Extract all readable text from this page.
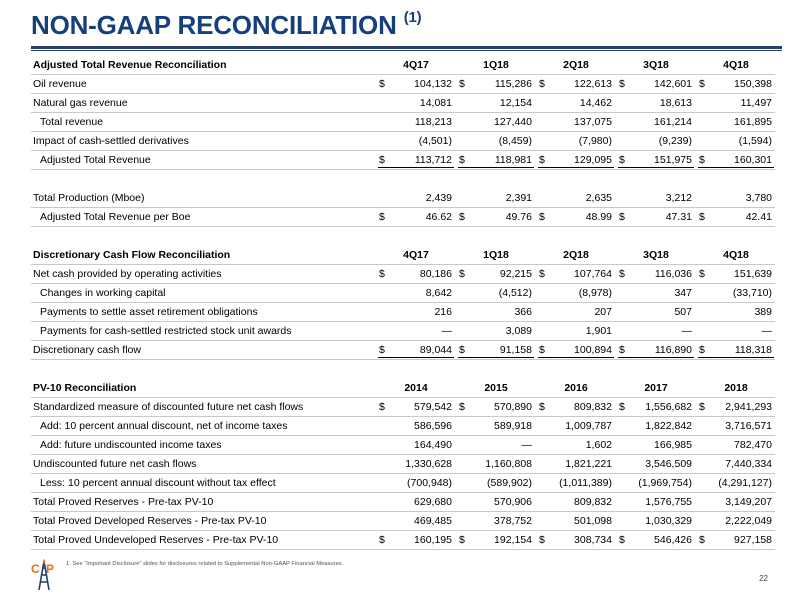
NON-GAAP RECONCILIATION $^{(1)}$
Adjusted Total Revenue Reconciliation	4Q17	1Q18	2Q18	3Q18	4Q18
Oil revenue	$	104,132 $	115,286 $	122,613 $	142,601 $	150,398
Natural gas revenue	14,081	12,154	14,462	18,613	11,497
Total revenue	118,213	127,440	137,075	161,214	161,895
Impact of cash-settled derivatives	(4,501)	(8,459)	(7,980)	(9,239)	(1,594)
Adjusted Total Revenue	$	113,712 $	118,981 $	129,095 $	151,975 $	160,301
Total Production (Mboe)	2,439	2,391	2,635	3,212	3,780
Adjusted Total Revenue per Boe	$	46.62 $	49.76 $	48.99 $	47.31 $	42.41
Discretionary Cash Flow Reconciliation	4Q17	1Q18	2Q18	3Q18	4Q18
Net cash provided by operating activities	$	80,186 $	92,215 $	107,764 $	116,036 $	151,639
Changes in working capital	8,642	(4,512)	(8,978)	347	(33,710)
Payments to settle asset retirement obligations	216	366	207	507	389
Payments for cash-settled restricted stock unit awards	—	3,089	1,901	—	—
Discretionary cash flow	$	89,044 $	91,158 $	100,894 $	116,890 $	118,318
PV-10 Reconciliation	2014	2015	2016	2017	2018
Standardized measure of discounted future net cash flows	$	579,542 $	570,890 $	809,832 $ 1,556,682 $ 2,941,293
Add: 10 percent annual discount, net of income taxes	586,596	589,918	1,009,787	1,822,842	3,716,571
Add: future undiscounted income taxes	164,490	—	1,602	166,985	782,470
Undiscounted future net cash flows	1,330,628	1,160,808	1,821,221	3,546,509	7,440,334
Less: 10 percent annual discount without tax effect	(700,948)	(589,902)	(1,011,389)	(1,969,754)	(4,291,127)
Total Proved Reserves - Pre-tax PV-10	629,680	570,906	809,832	1,576,755	3,149,207
Total Proved Developed Reserves - Pre-tax PV-10	469,485	378,752	501,098	1,030,329	2,222,049
Total Proved Undeveloped Reserves - Pre-tax PV-10	$	160,195 $	192,154 $	308,734 $	546,426 $	927,158
C P 1. See “Important Disclosure” slides for disclosures related to Supplemental Non-GAAP Financial Measures.
22
